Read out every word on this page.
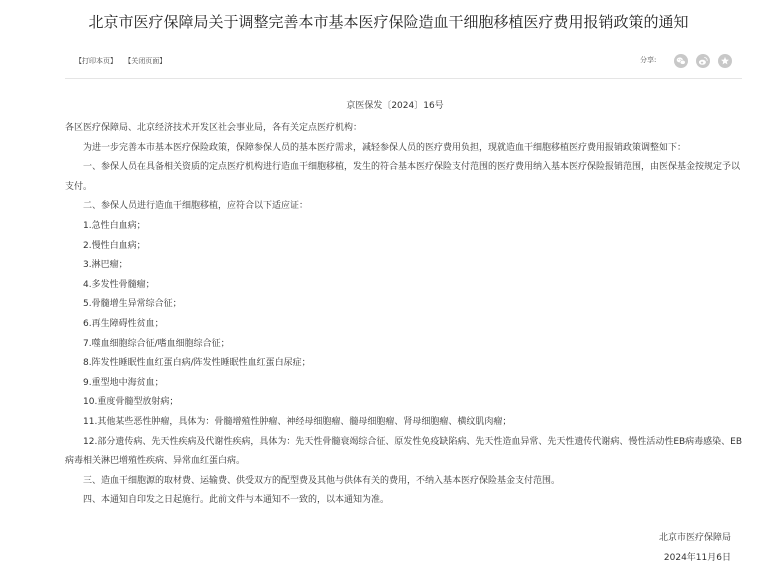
北京市医疗保障局关于调整完善本市基本医疗保险造血干细胞移植医疗费用报销政策的通知
【打印本页】 【关闭页面】	分享:
京医保发〔2024〕16号

各区医疗保障局、北京经济技术开发区社会事业局，各有关定点医疗机构：

为进一步完善本市基本医疗保险政策，保障参保人员的基本医疗需求，减轻参保人员的医疗费用负担，现就造血干细胞移植医疗费用报销政策调整如下：

一、参保人员在具备相关资质的定点医疗机构进行造血干细胞移植，发生的符合基本医疗保险支付范围的医疗费用纳入基本医疗保险报销范围，由医保基金按规定予以支付。

二、参保人员进行造血干细胞移植，应符合以下适应证：

1.急性白血病；

2.慢性白血病；

3.淋巴瘤；

4.多发性骨髓瘤；

5.骨髓增生异常综合征；

6.再生障碍性贫血；

7.噬血细胞综合征/嗜血细胞综合征；

8.阵发性睡眠性血红蛋白病/阵发性睡眠性血红蛋白尿症；

9.重型地中海贫血；

10.重度骨髓型放射病；

11.其他某些恶性肿瘤，具体为：骨髓增殖性肿瘤、神经母细胞瘤、髓母细胞瘤、肾母细胞瘤、横纹肌肉瘤；

12.部分遗传病、先天性疾病及代谢性疾病，具体为：先天性骨髓衰竭综合征、原发性免疫缺陷病、先天性造血异常、先天性遗传代谢病、慢性活动性EB病毒感染、EB病毒相关淋巴增殖性疾病、异常血红蛋白病。

三、造血干细胞源的取材费、运输费、供受双方的配型费及其他与供体有关的费用，不纳入基本医疗保险基金支付范围。

四、本通知自印发之日起施行。此前文件与本通知不一致的，以本通知为准。

北京市医疗保障局
2024年11月6日
